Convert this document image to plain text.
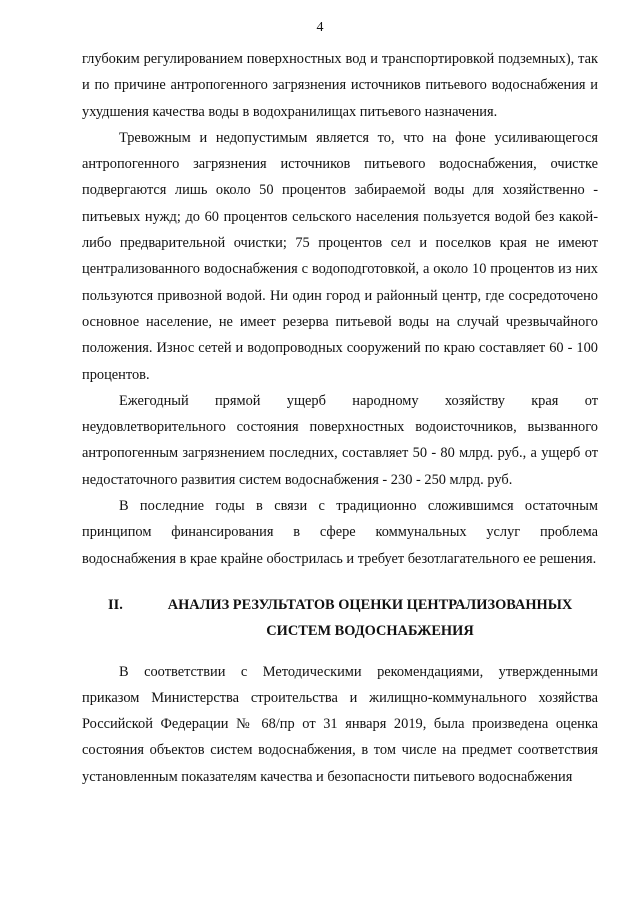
4

глубоким регулированием поверхностных вод и транспортировкой подземных), так и по причине антропогенного загрязнения источников питьевого водоснабжения и ухудшения качества воды в водохранилищах питьевого назначения.

Тревожным и недопустимым является то, что на фоне усиливающегося антропогенного загрязнения источников питьевого водоснабжения, очистке подвергаются лишь около 50 процентов забираемой воды для хозяйственно - питьевых нужд; до 60 процентов сельского населения пользуется водой без какой-либо предварительной очистки; 75 процентов сел и поселков края не имеют централизованного водоснабжения с водоподготовкой, а около 10 процентов из них пользуются привозной водой. Ни один город и районный центр, где сосредоточено основное население, не имеет резерва питьевой воды на случай чрезвычайного положения. Износ сетей и водопроводных сооружений по краю составляет 60 - 100 процентов.

Ежегодный прямой ущерб народному хозяйству края от неудовлетворительного состояния поверхностных водоисточников, вызванного антропогенным загрязнением последних, составляет 50 - 80 млрд. руб., а ущерб от недостаточного развития систем водоснабжения - 230 - 250 млрд. руб.

В последние годы в связи с традиционно сложившимся остаточным принципом финансирования в сфере коммунальных услуг проблема водоснабжения в крае крайне обострилась и требует безотлагательного ее решения.

II.	АНАЛИЗ РЕЗУЛЬТАТОВ ОЦЕНКИ ЦЕНТРАЛИЗОВАННЫХ
СИСТЕМ ВОДОСНАБЖЕНИЯ

В соответствии с Методическими рекомендациями, утвержденными приказом Министерства строительства и жилищно-коммунального хозяйства Российской Федерации № 68/пр от 31 января 2019, была произведена оценка состояния объектов систем водоснабжения, в том числе на предмет соответствия установленным показателям качества и безопасности питьевого водоснабжения
